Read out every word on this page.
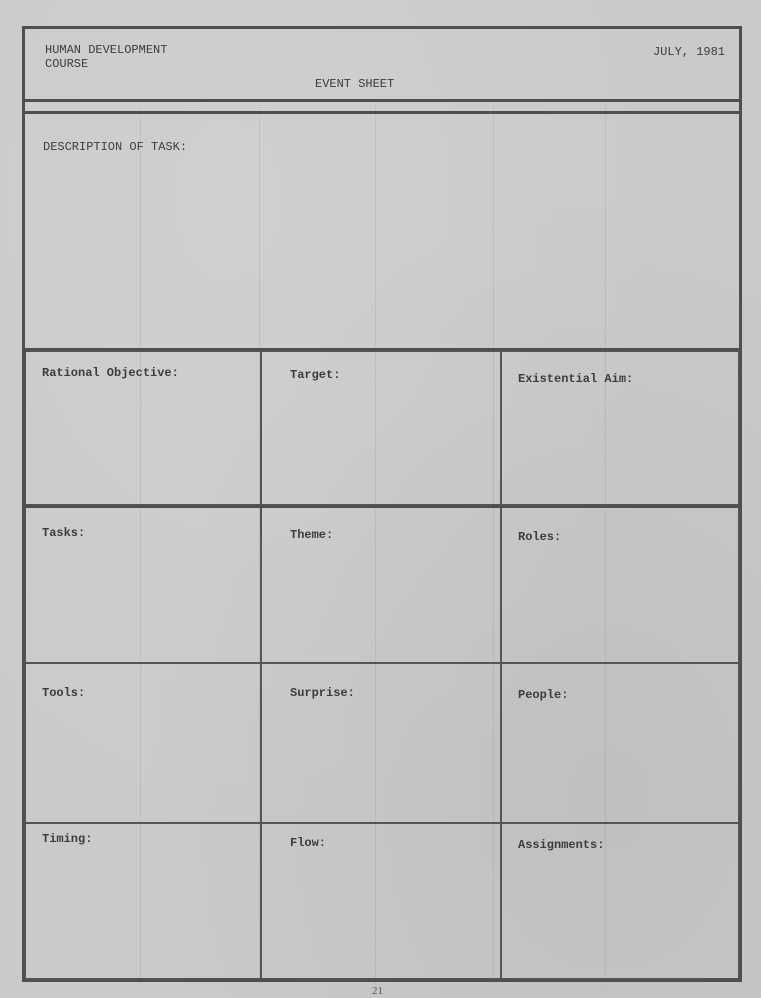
HUMAN DEVELOPMENT
COURSE
JULY, 1981
EVENT SHEET
DESCRIPTION OF TASK:
Rational Objective:	Target:	Existential Aim:
Tasks:	Theme:	Roles:
Tools:	Surprise:	People:
Timing:	Flow:	Assignments:
21
